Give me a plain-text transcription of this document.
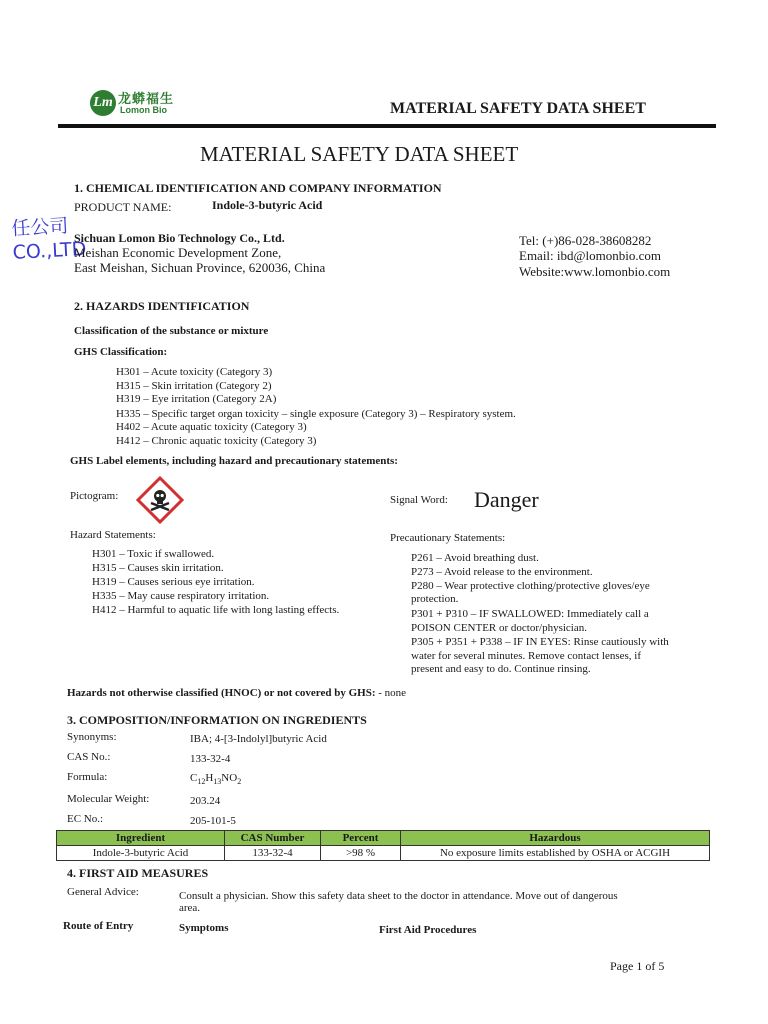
Lm 龙蟒福生
Lomon Bio	MATERIAL SAFETY DATA SHEET
MATERIAL SAFETY DATA SHEET
任公司
CO.,LTD
1. CHEMICAL IDENTIFICATION AND COMPANY INFORMATION
PRODUCT NAME:	Indole-3-butyric Acid
Sichuan Lomon Bio Technology Co., Ltd.
Meishan Economic Development Zone,
East Meishan, Sichuan Province, 620036, China
Tel: (+)86-028-38608282
Email: ibd@lomonbio.com
Website:www.lomonbio.com
2. HAZARDS IDENTIFICATION
Classification of the substance or mixture
GHS Classification:
H301 – Acute toxicity (Category 3)
H315 – Skin irritation (Category 2)
H319 – Eye irritation (Category 2A)
H335 – Specific target organ toxicity – single exposure (Category 3) – Respiratory system.
H402 – Acute aquatic toxicity (Category 3)
H412 – Chronic aquatic toxicity (Category 3)
GHS Label elements, including hazard and precautionary statements:
Pictogram:	Signal Word: Danger
Hazard Statements:
H301 – Toxic if swallowed.
H315 – Causes skin irritation.
H319 – Causes serious eye irritation.
H335 – May cause respiratory irritation.
H412 – Harmful to aquatic life with long lasting effects.
Precautionary Statements:
P261 – Avoid breathing dust.
P273 – Avoid release to the environment.
P280 – Wear protective clothing/protective gloves/eye
protection.
P301 + P310 – IF SWALLOWED: Immediately call a
POISON CENTER or doctor/physician.
P305 + P351 + P338 – IF IN EYES: Rinse cautiously with
water for several minutes. Remove contact lenses, if
present and easy to do. Continue rinsing.
Hazards not otherwise classified (HNOC) or not covered by GHS: - none
3. COMPOSITION/INFORMATION ON INGREDIENTS
Synonyms:	IBA; 4-[3-Indolyl]butyric Acid
CAS No.:	133-32-4
Formula:	$C_{12}H_{13}NO_2$
Molecular Weight:	203.24
EC No.:	205-101-5
Ingredient	CAS Number	Percent	Hazardous
Indole-3-butyric Acid	133-32-4	>98 %	No exposure limits established by OSHA or ACGIH
4. FIRST AID MEASURES
General Advice:	Consult a physician. Show this safety data sheet to the doctor in attendance. Move out of dangerous
area.
Route of Entry	Symptoms	First Aid Procedures
Page 1 of 5
